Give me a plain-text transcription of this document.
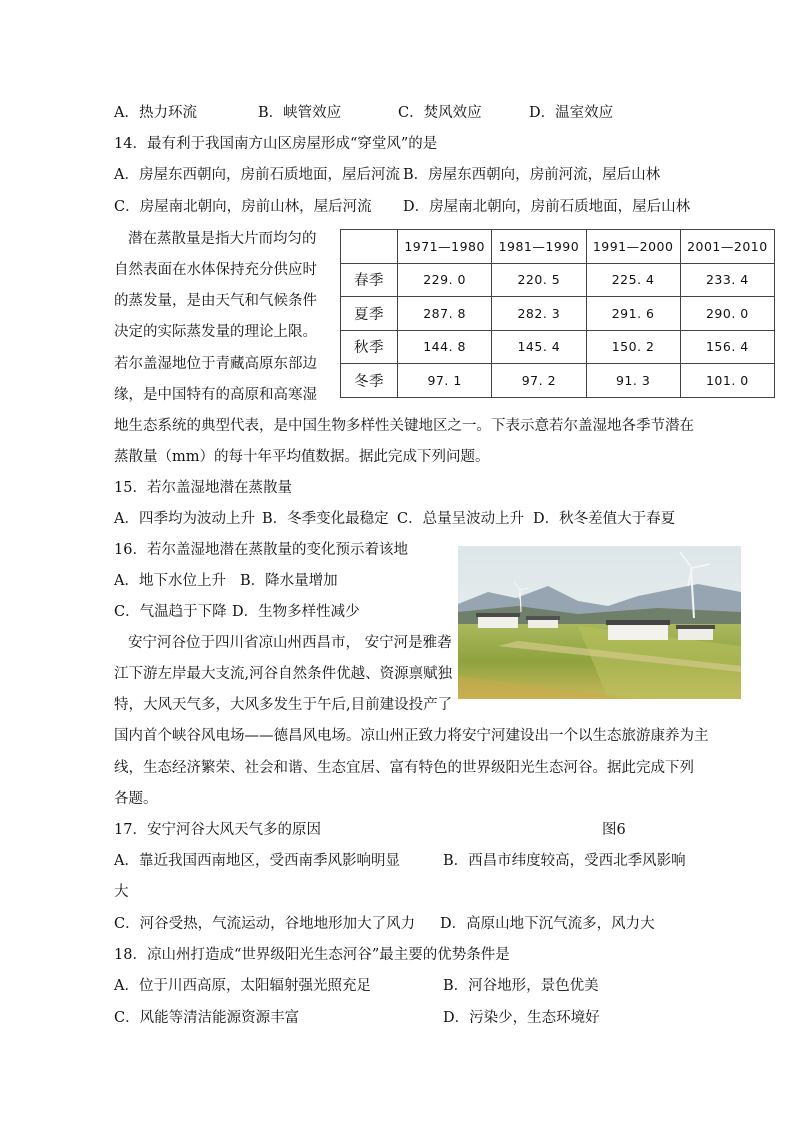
A．热力环流	B．峡管效应	C．焚风效应	D．温室效应
14．最有利于我国南方山区房屋形成“穿堂风”的是
A．房屋东西朝向，房前石质地面，屋后河流 B．房屋东西朝向，房前河流，屋后山林
C．房屋南北朝向，房前山林，屋后河流 D．房屋南北朝向，房前石质地面，屋后山林
潜在蒸散量是指大片而均匀的
自然表面在水体保持充分供应时
的蒸发量，是由天气和气候条件
决定的实际蒸发量的理论上限。
若尔盖湿地位于青藏高原东部边
缘，是中国特有的高原和高寒湿
地生态系统的典型代表，是中国生物多样性关键地区之一。下表示意若尔盖湿地各季节潜在
蒸散量（mm）的每十年平均值数据。据此完成下列问题。
	1971—1980	1981—1990	1991—2000	2001—2010
春季	229. 0	220. 5	225. 4	233. 4
夏季	287. 8	282. 3	291. 6	290. 0
秋季	144. 8	145. 4	150. 2	156. 4
冬季	97. 1	97. 2	91. 3	101. 0
15．若尔盖湿地潜在蒸散量
A．四季均为波动上升 B．冬季变化最稳定 C．总量呈波动上升 D．秋冬差值大于春夏
16．若尔盖湿地潜在蒸散量的变化预示着该地
A．地下水位上升 B．降水量增加
C．气温趋于下降 D．生物多样性减少
安宁河谷位于四川省凉山州西昌市， 安宁河是雅砻
江下游左岸最大支流,河谷自然条件优越、资源禀赋独
特，大风天气多，大风多发生于午后,目前建设投产了
国内首个峡谷风电场——德昌风电场。凉山州正致力将安宁河建设出一个以生态旅游康养为主
线，生态经济繁荣、社会和谐、生态宜居、富有特色的世界级阳光生态河谷。据此完成下列
各题。
17．安宁河谷大风天气多的原因	图6
A．靠近我国西南地区，受西南季风影响明显	B．西昌市纬度较高，受西北季风影响
大
C．河谷受热，气流运动，谷地地形加大了风力 D．高原山地下沉气流多，风力大
18．凉山州打造成“世界级阳光生态河谷”最主要的优势条件是
A．位于川西高原，太阳辐射强光照充足	B．河谷地形，景色优美
C．风能等清洁能源资源丰富	D．污染少，生态环境好
